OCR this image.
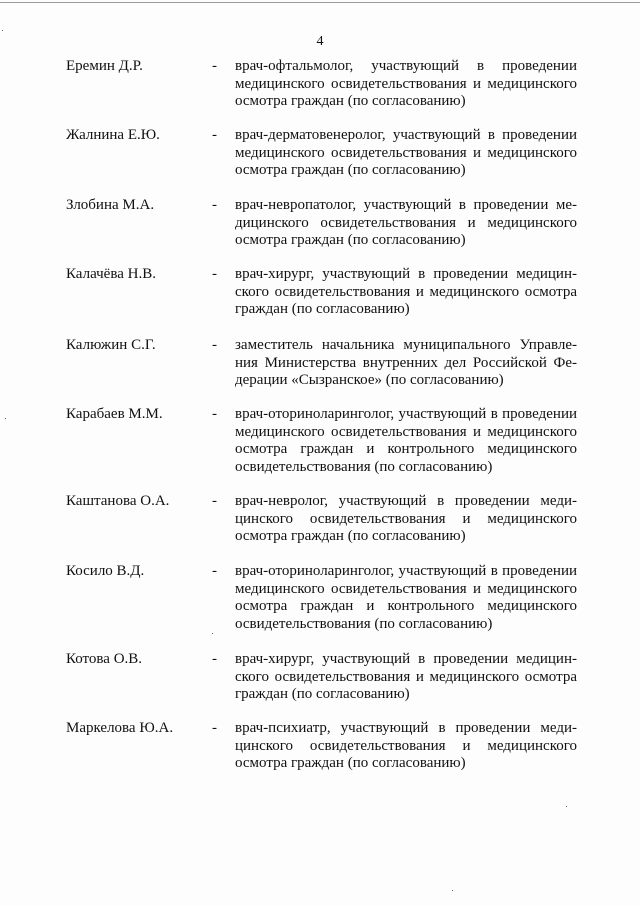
4
Еремин Д.Р.	- врач-офтальмолог, участвующий в проведении медицинского освидетельствования и медицинского осмотра граждан (по согласованию)
Жалнина Е.Ю.	- врач-дерматовенеролог, участвующий в проведении медицинского освидетельствования и медицинского осмотра граждан (по согласованию)
Злобина М.А.	- врач-невропатолог, участвующий в проведении медицинского освидетельствования и медицинского осмотра граждан (по согласованию)
Калачёва Н.В.	- врач-хирург, участвующий в проведении медицинского освидетельствования и медицинского осмотра граждан (по согласованию)
Калюжин С.Г.	- заместитель начальника муниципального Управления Министерства внутренних дел Российской Федерации «Сызранское» (по согласованию)
Карабаев М.М.	- врач-оториноларинголог, участвующий в проведении медицинского освидетельствования и медицинского осмотра граждан и контрольного медицинского освидетельствования (по согласованию)
Каштанова О.А.	- врач-невролог, участвующий в проведении медицинского освидетельствования и медицинского осмотра граждан (по согласованию)
Косило В.Д.	- врач-оториноларинголог, участвующий в проведении медицинского освидетельствования и медицинского осмотра граждан и контрольного медицинского освидетельствования (по согласованию)
Котова О.В.	- врач-хирург, участвующий в проведении медицинского освидетельствования и медицинского осмотра граждан (по согласованию)
Маркелова Ю.А.	- врач-психиатр, участвующий в проведении медицинского освидетельствования и медицинского осмотра граждан (по согласованию)
